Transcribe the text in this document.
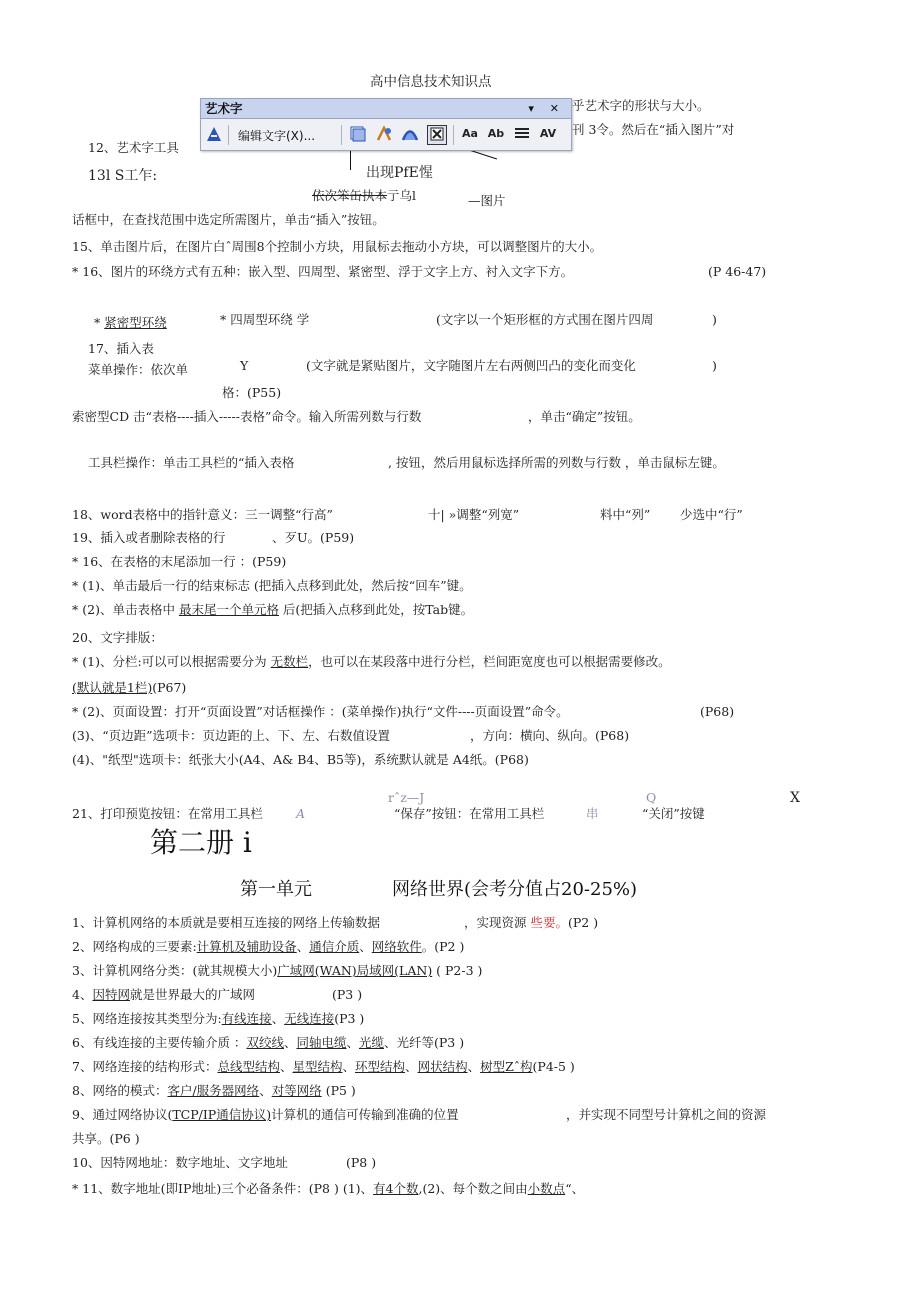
高中信息技术知识点
乎艺术字的形状与大小。
刊 3令。然后在“插入图片”对
12、艺术字工具
13l S工乍:	出现PfE惺
依次笨缶执本亍乌l	—图片
艺术字	▾ ✕
编辑文字(X)...	Aa Ab	AV
话框中，在查找范围中选定所需图片，单击“插入”按钮。
15、单击图片后，在图片白ˆ周围8个控制小方块，用鼠标去拖动小方块，可以调整图片的大小。
* 16、图片的环绕方式有五种：嵌入型、四周型、紧密型、浮于文字上方、衬入文字下方。	(P 46-47)
* 紧密型环绕	* 四周型环绕 学	(文字以一个矩形框的方式围在图片四周	)
17、插入表
菜单操作：依次单	Y	(文字就是紧贴图片，文字随图片左右两侧凹凸的变化而变化	)
格：(P55)
索密型CD 击“表格----插入-----表格”命令。输入所需列数与行数	，单击“确定”按钮。
工具栏操作：单击工具栏的“插入表格	, 按钮，然后用鼠标选择所需的列数与行数 ，单击鼠标左键。
18、word表格中的指针意义：三一调整“行高”	十| »调整“列宽”	料中“列” 少选中“行”
19、插入或者删除表格的行	、歹U。(P59)
* 16、在表格的末尾添加一行 ：(P59)
* (1)、单击最后一行的结束标志 (把插入点移到此处，然后按“回车”键。
* (2)、单击表格中 最末尾一个单元格 后(把插入点移到此处，按Tab键。
20、文字排版：
* (1)、分栏:可以可以根据需要分为 无数栏，也可以在某段落中进行分栏，栏间距宽度也可以根据需要修改。
(默认就是1栏)(P67)
* (2)、页面设置：打开“页面设置”对话框操作 ：(菜单操作)执行“文件----页面设置”命令。	(P68)
(3)、“页边距”选项卡：页边距的上、下、左、右数值设置	，方向：横向、纵向。(P68)
(4)、"纸型"选项卡：纸张大小(A4、A& B4、B5等)，系统默认就是 A4纸。(P68)
rˆz—J	Q	X
21、打印预览按钮：在常用工具栏	A	“保存”按钮：在常用工具栏	串	“关闭”按键
第二册 i
第一单元	网络世界(会考分值占20-25%)
1、计算机网络的本质就是要相互连接的网络上传输数据	，实现资源 些要。(P2 )
2、网络构成的三要素:计算机及辅助设备、通信介质、网络软件。(P2 )
3、计算机网络分类：(就其规模大小)广域网(WAN)局域网(LAN) ( P2-3 )
4、因特网就是世界最大的广域网	(P3 )
5、网络连接按其类型分为:有线连接、无线连接(P3 )
6、有线连接的主要传输介质 ：双绞线、同轴电缆、光缆、光纤等(P3 )
7、网络连接的结构形式：总线型结构、星型结构、环型结构、网状结构、树型Zˆ构(P4-5 )
8、网络的模式：客户/服务器网络、对等网络 (P5 )
9、通过网络协议(TCP/IP通信协议)计算机的通信可传输到准确的位置	，并实现不同型号计算机之间的资源
共享。(P6 )
10、因特网地址：数字地址、文字地址	(P8 )
* 11、数字地址(即IP地址)三个必备条件：(P8 ) (1)、有4个数,(2)、每个数之间由小数点“、
